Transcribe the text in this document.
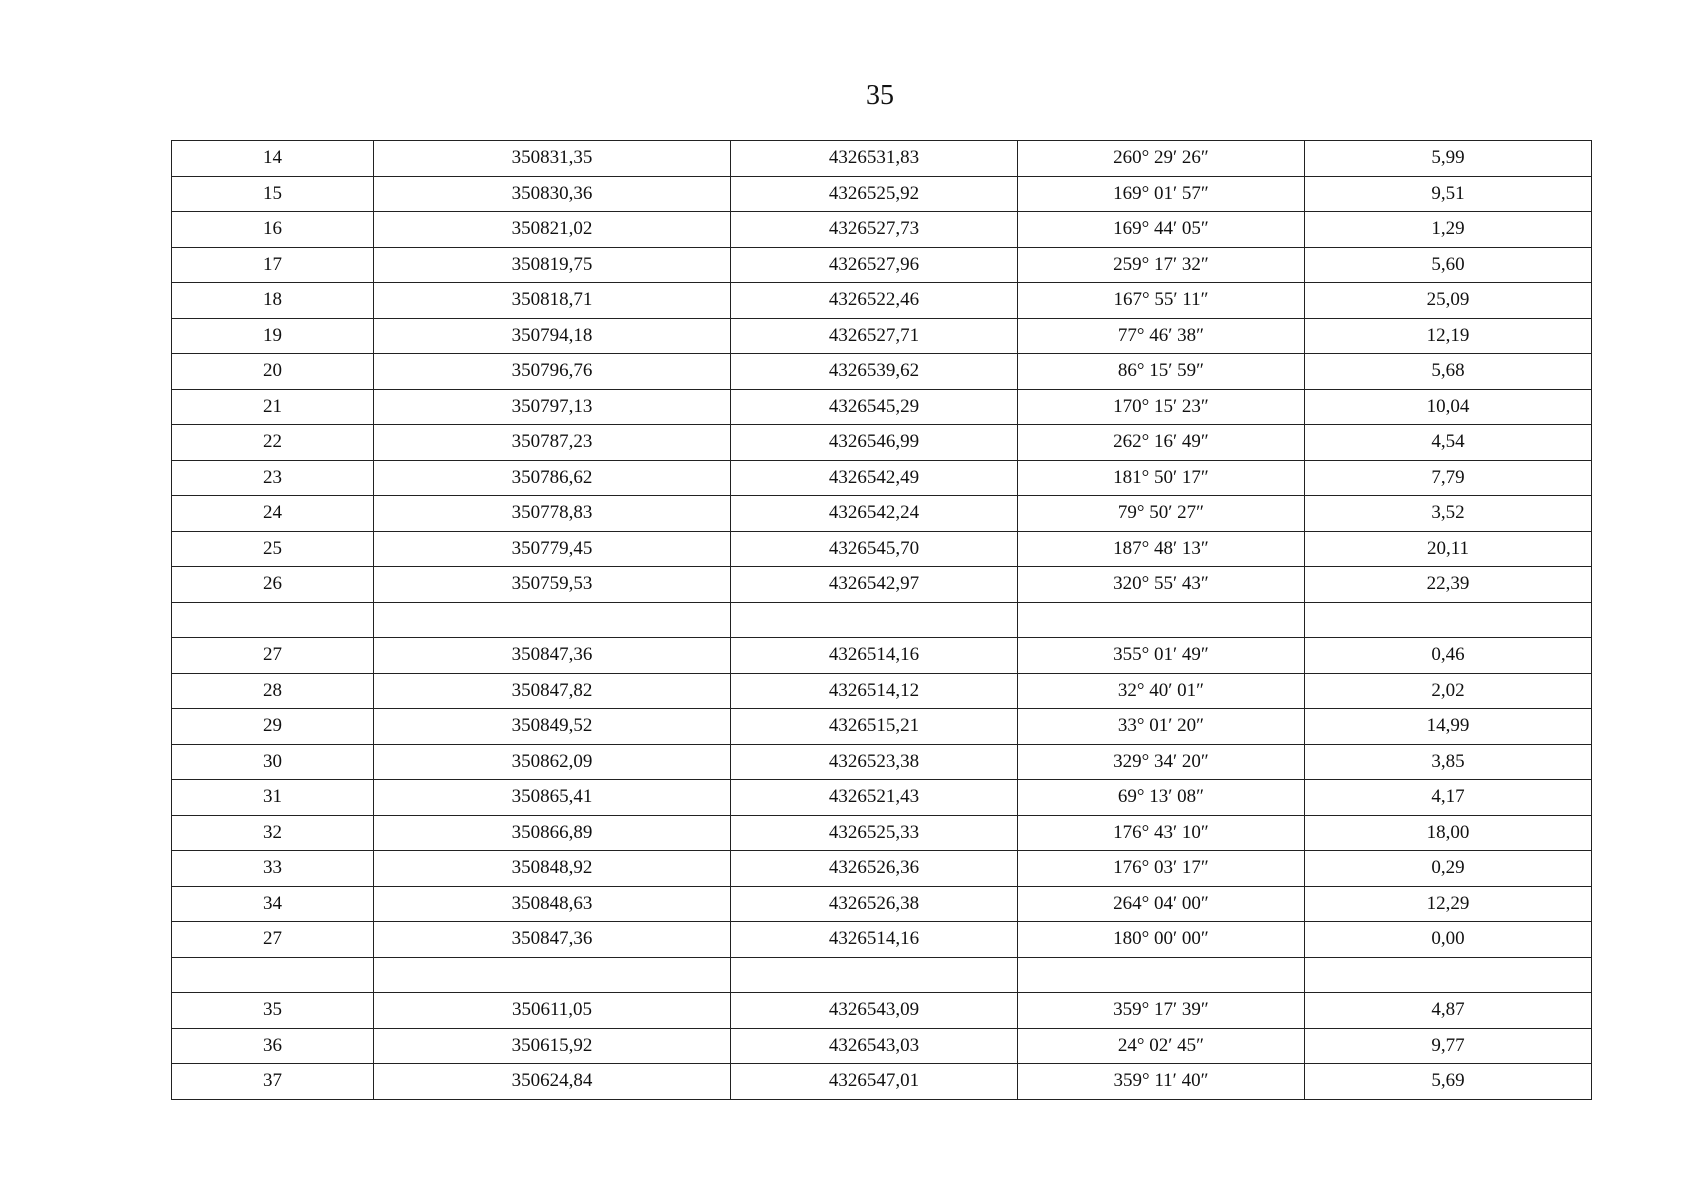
35
14	350831,35	4326531,83	260° 29′ 26″	5,99
15	350830,36	4326525,92	169° 01′ 57″	9,51
16	350821,02	4326527,73	169° 44′ 05″	1,29
17	350819,75	4326527,96	259° 17′ 32″	5,60
18	350818,71	4326522,46	167° 55′ 11″	25,09
19	350794,18	4326527,71	77° 46′ 38″	12,19
20	350796,76	4326539,62	86° 15′ 59″	5,68
21	350797,13	4326545,29	170° 15′ 23″	10,04
22	350787,23	4326546,99	262° 16′ 49″	4,54
23	350786,62	4326542,49	181° 50′ 17″	7,79
24	350778,83	4326542,24	79° 50′ 27″	3,52
25	350779,45	4326545,70	187° 48′ 13″	20,11
26	350759,53	4326542,97	320° 55′ 43″	22,39

27	350847,36	4326514,16	355° 01′ 49″	0,46
28	350847,82	4326514,12	32° 40′ 01″	2,02
29	350849,52	4326515,21	33° 01′ 20″	14,99
30	350862,09	4326523,38	329° 34′ 20″	3,85
31	350865,41	4326521,43	69° 13′ 08″	4,17
32	350866,89	4326525,33	176° 43′ 10″	18,00
33	350848,92	4326526,36	176° 03′ 17″	0,29
34	350848,63	4326526,38	264° 04′ 00″	12,29
27	350847,36	4326514,16	180° 00′ 00″	0,00

35	350611,05	4326543,09	359° 17′ 39″	4,87
36	350615,92	4326543,03	24° 02′ 45″	9,77
37	350624,84	4326547,01	359° 11′ 40″	5,69
